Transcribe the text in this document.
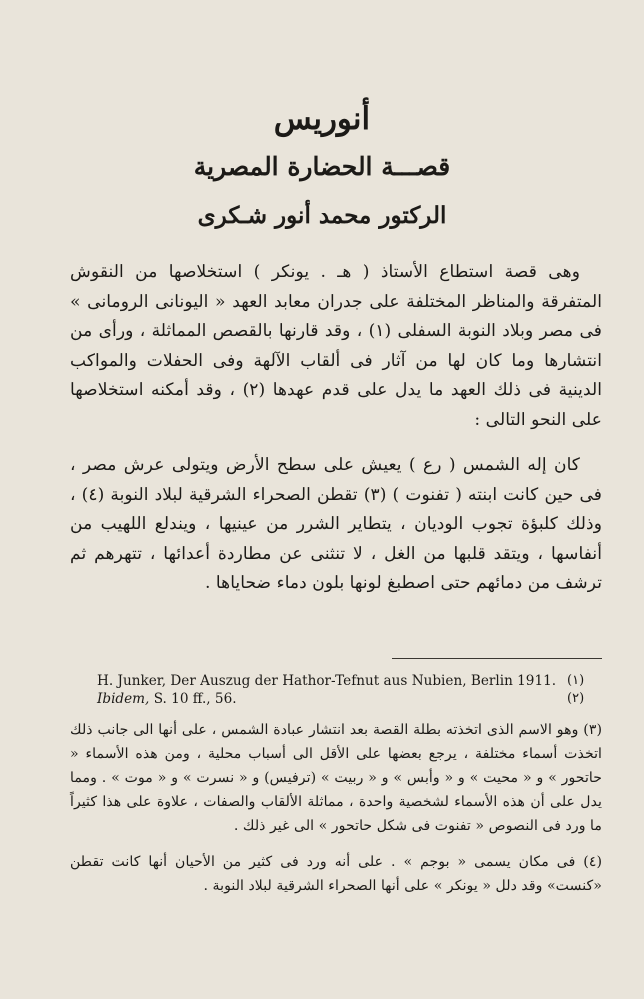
أنوريس
قصـــة الحضارة المصرية
الركتور محمد أنور شـكرى

وهى قصة استطاع الأستاذ ( هـ . يونكر ) استخلاصها من النقوش المتفرقة والمناظر المختلفة على جدران معابد العهد « اليونانى الرومانى » فى مصر وبلاد النوبة السفلى (١) ، وقد قارنها بالقصص المماثلة ، ورأى من انتشارها وما كان لها من آثار فى ألقاب الآلهة وفى الحفلات والمواكب الدينية فى ذلك العهد ما يدل على قدم عهدها (٢) ، وقد أمكنه استخلاصها على النحو التالى :

كان إله الشمس ( رع ) يعيش على سطح الأرض ويتولى عرش مصر ، فى حين كانت ابنته ( تفنوت ) (٣) تقطن الصحراء الشرقية لبلاد النوبة (٤) ، وذلك كلبؤة تجوب الوديان ، يتطاير الشرر من عينيها ، ويندلع اللهيب من أنفاسها ، ويتقد قلبها من الغل ، لا تنثنى عن مطاردة أعدائها ، تتهرهم ثم ترشف من دمائهم حتى اصطبغ لونها بلون دماء ضحاياها .

H. Junker, Der Auszug der Hathor-Tefnut aus Nubien, Berlin 1911. (١)
Ibidem, S. 10 ff., 56.	(٢)

(٣) وهو الاسم الذى اتخذته بطلة القصة بعد انتشار عبادة الشمس ، على أنها الى جانب ذلك اتخذت أسماء مختلفة ، يرجع بعضها على الأقل الى أسباب محلية ، ومن هذه الأسماء « حاتحور » و « محيت » و « وأبس » و « ربيت » (ترفيس) و « نسرت » و « موت » . ومما يدل على أن هذه الأسماء لشخصية واحدة ، مماثلة الألقاب والصفات ، علاوة على هذا كثيراً ما ورد فى النصوص « تفنوت فى شكل حاتحور » الى غير ذلك .

(٤) فى مكان يسمى « بوجم » . على أنه ورد فى كثير من الأحيان أنها كانت تقطن «كنست» وقد دلل « يونكر » على أنها الصحراء الشرقية لبلاد النوبة .
